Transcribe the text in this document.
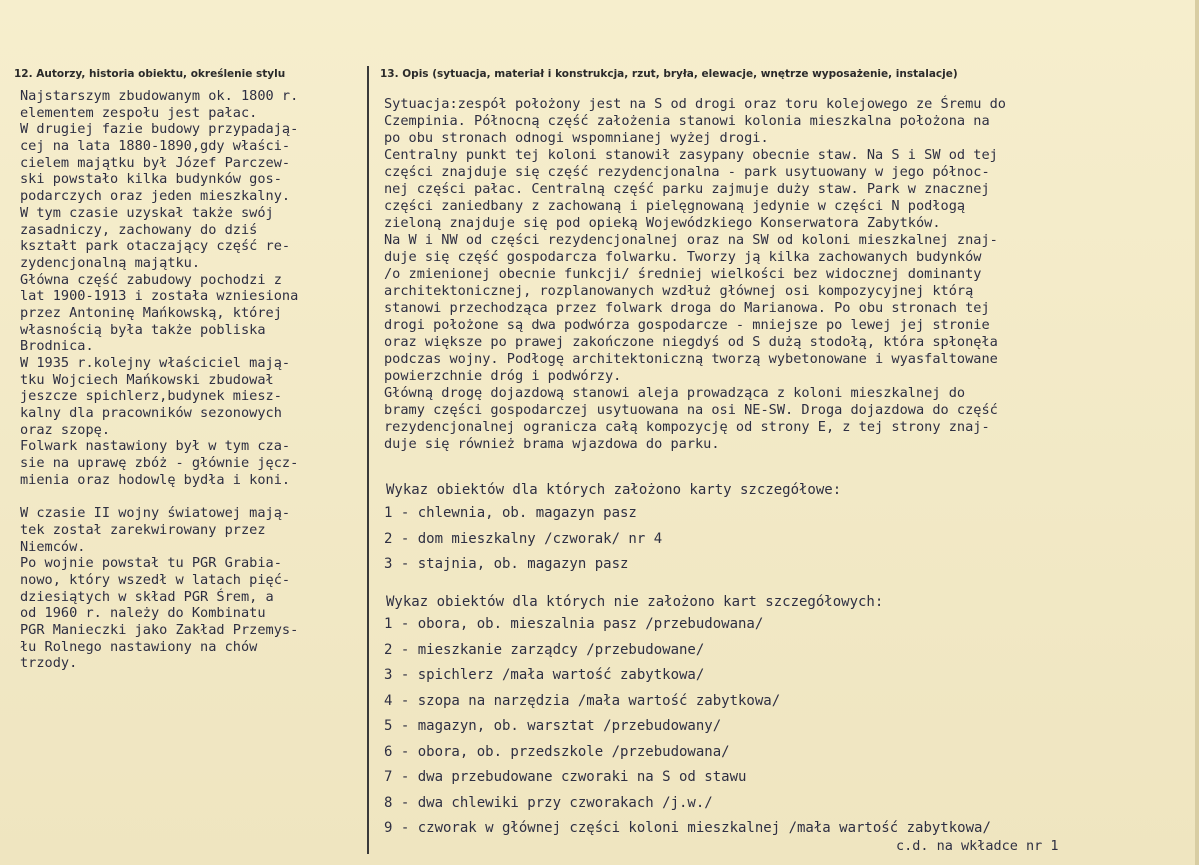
12. Autorzy, historia obiektu, określenie stylu	13. Opis (sytuacja, materiał i konstrukcja, rzut, bryła, elewacje, wnętrze wyposażenie, instalacje)
Najstarszym zbudowanym ok. 1800 r.
elementem zespołu jest pałac.
W drugiej fazie budowy przypadają-
cej na lata 1880-1890,gdy właści-
cielem majątku był Józef Parczew-
ski powstało kilka budynków gos-
podarczych oraz jeden mieszkalny.
W tym czasie uzyskał także swój
zasadniczy, zachowany do dziś
kształt park otaczający część re-
zydencjonalną majątku.
Główna część zabudowy pochodzi z
lat 1900-1913 i została wzniesiona
przez Antoninę Mańkowską, której
własnością była także pobliska
Brodnica.
W 1935 r.kolejny właściciel mają-
tku Wojciech Mańkowski zbudował
jeszcze spichlerz,budynek miesz-
kalny dla pracowników sezonowych
oraz szopę.
Folwark nastawiony był w tym cza-
sie na uprawę zbóż - głównie jęcz-
mienia oraz hodowlę bydła i koni.
W czasie II wojny światowej mają-
tek został zarekwirowany przez
Niemców.
Po wojnie powstał tu PGR Grabia-
nowo, który wszedł w latach pięć-
dziesiątych w skład PGR Śrem, a
od 1960 r. należy do Kombinatu
PGR Manieczki jako Zakład Przemys-
łu Rolnego nastawiony na chów
trzody.
Sytuacja:zespół położony jest na S od drogi oraz toru kolejowego ze Śremu do
Czempinia. Północną część założenia stanowi kolonia mieszkalna położona na
po obu stronach odnogi wspomnianej wyżej drogi.
Centralny punkt tej koloni stanowił zasypany obecnie staw. Na S i SW od tej
części znajduje się część rezydencjonalna - park usytuowany w jego północ-
nej części pałac. Centralną część parku zajmuje duży staw. Park w znacznej
części zaniedbany z zachowaną i pielęgnowaną jedynie w części N podłogą
zieloną znajduje się pod opieką Wojewódzkiego Konserwatora Zabytków.
Na W i NW od części rezydencjonalnej oraz na SW od koloni mieszkalnej znaj-
duje się część gospodarcza folwarku. Tworzy ją kilka zachowanych budynków
/o zmienionej obecnie funkcji/ średniej wielkości bez widocznej dominanty
architektonicznej, rozplanowanych wzdłuż głównej osi kompozycyjnej którą
stanowi przechodząca przez folwark droga do Marianowa. Po obu stronach tej
drogi położone są dwa podwórza gospodarcze - mniejsze po lewej jej stronie
oraz większe po prawej zakończone niegdyś od S dużą stodołą, która spłonęła
podczas wojny. Podłogę architektoniczną tworzą wybetonowane i wyasfaltowane
powierzchnie dróg i podwórzy.
Główną drogę dojazdową stanowi aleja prowadząca z koloni mieszkalnej do
bramy części gospodarczej usytuowana na osi NE-SW. Droga dojazdowa do część
rezydencjonalnej ogranicza całą kompozycję od strony E, z tej strony znaj-
duje się również brama wjazdowa do parku.
Wykaz obiektów dla których założono karty szczegółowe:
1 - chlewnia, ob. magazyn pasz
2 - dom mieszkalny /czworak/ nr 4
3 - stajnia, ob. magazyn pasz
Wykaz obiektów dla których nie założono kart szczegółowych:
1 - obora, ob. mieszalnia pasz /przebudowana/
2 - mieszkanie zarządcy /przebudowane/
3 - spichlerz /mała wartość zabytkowa/
4 - szopa na narzędzia /mała wartość zabytkowa/
5 - magazyn, ob. warsztat /przebudowany/
6 - obora, ob. przedszkole /przebudowana/
7 - dwa przebudowane czworaki na S od stawu
8 - dwa chlewiki przy czworakach /j.w./
9 - czworak w głównej części koloni mieszkalnej /mała wartość zabytkowa/
c.d. na wkładce nr 1
